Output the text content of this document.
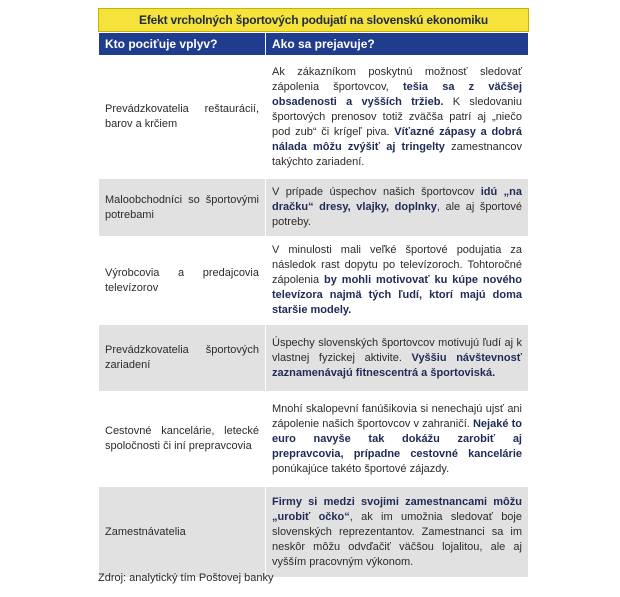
Efekt vrcholných športových podujatí na slovenskú ekonomiku
Kto pociťuje vplyv?	Ako sa prejavuje?
Prevádzkovatelia reštaurácií, barov a krčiem	Ak zákazníkom poskytnú možnosť sledovať zápolenia športovcov, tešia sa z väčšej obsadenosti a vyšších tržieb. K sledovaniu športových prenosov totiž zväčša patrí aj „niečo pod zub“ či krígeľ piva. Víťazné zápasy a dobrá nálada môžu zvýšiť aj tringelty zamestnancov takýchto zariadení.
Maloobchodníci so športovými potrebami	V prípade úspechov našich športovcov idú „na dračku“ dresy, vlajky, doplnky, ale aj športové potreby.
Výrobcovia a predajcovia televízorov	V minulosti mali veľké športové podujatia za následok rast dopytu po televízoroch. Tohtoročné zápolenia by mohli motivovať ku kúpe nového televízora najmä tých ľudí, ktorí majú doma staršie modely.
Prevádzkovatelia športových zariadení	Úspechy slovenských športovcov motivujú ľudí aj k vlastnej fyzickej aktivite. Vyššiu návštevnosť zaznamenávajú fitnescentrá a športoviská.
Cestovné kancelárie, letecké spoločnosti či iní prepravcovia	Mnohí skalopevní fanúšikovia si nenechajú ujsť ani zápolenie našich športovcov v zahraničí. Nejaké to euro navyše tak dokážu zarobiť aj prepravcovia, prípadne cestovné kancelárie ponúkajúce takéto športové zájazdy.
Zamestnávatelia	Firmy si medzi svojimi zamestnancami môžu „urobiť očko“, ak im umožnia sledovať boje slovenských reprezentantov. Zamestnanci sa im neskôr môžu odvďačiť väčšou lojalitou, ale aj vyšším pracovným výkonom.
Zdroj: analytický tím Poštovej banky
